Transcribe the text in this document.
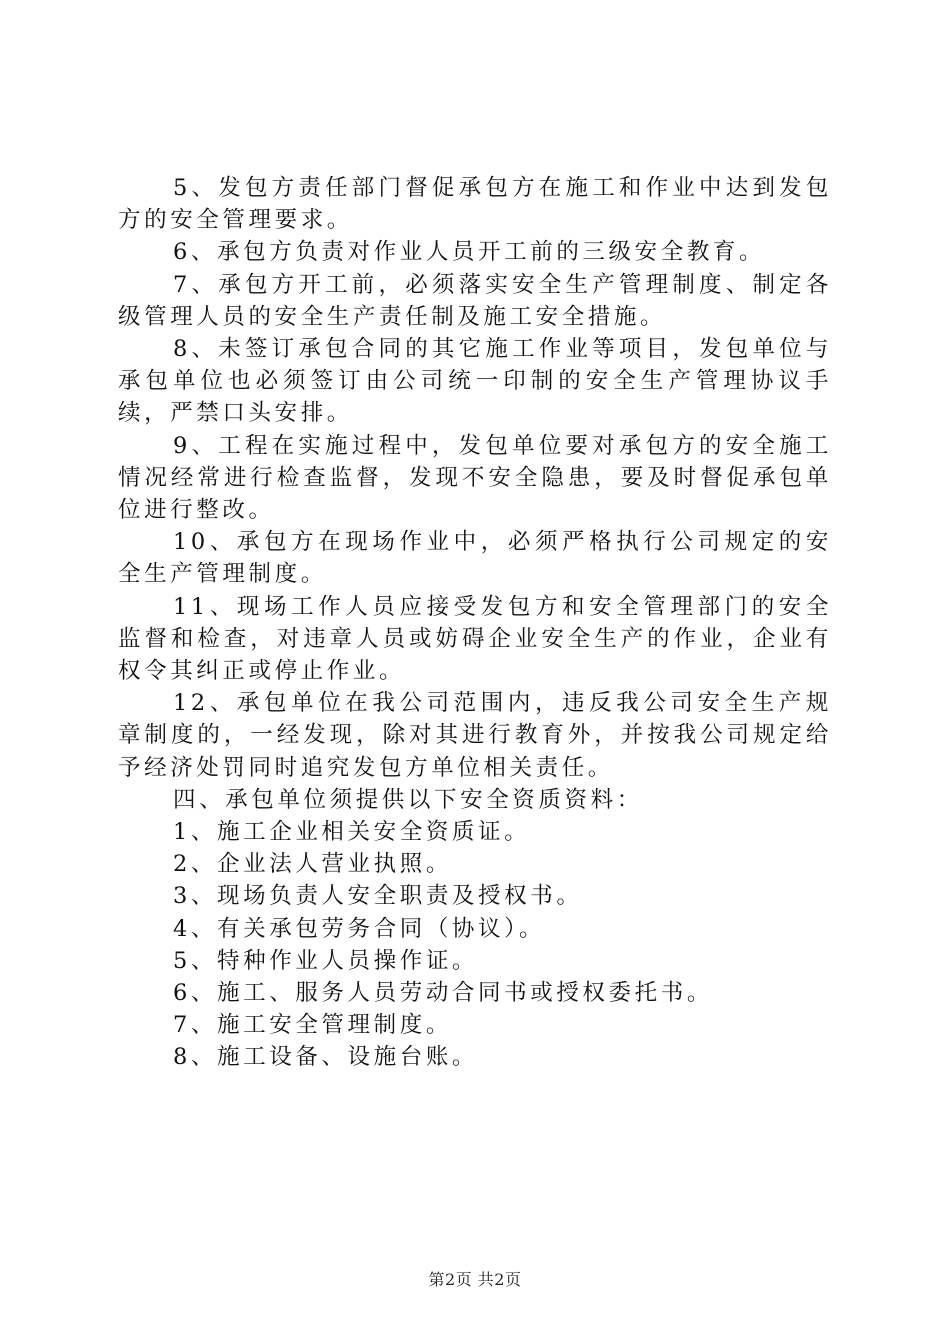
5、发包方责任部门督促承包方在施工和作业中达到发包方的安全管理要求。

6、承包方负责对作业人员开工前的三级安全教育。

7、承包方开工前，必须落实安全生产管理制度、制定各级管理人员的安全生产责任制及施工安全措施。

8、未签订承包合同的其它施工作业等项目，发包单位与承包单位也必须签订由公司统一印制的安全生产管理协议手续，严禁口头安排。

9、工程在实施过程中，发包单位要对承包方的安全施工情况经常进行检查监督，发现不安全隐患，要及时督促承包单位进行整改。

10、承包方在现场作业中，必须严格执行公司规定的安全生产管理制度。

11、现场工作人员应接受发包方和安全管理部门的安全监督和检查，对违章人员或妨碍企业安全生产的作业，企业有权令其纠正或停止作业。

12、承包单位在我公司范围内，违反我公司安全生产规章制度的，一经发现，除对其进行教育外，并按我公司规定给予经济处罚同时追究发包方单位相关责任。

四、承包单位须提供以下安全资质资料：

1、施工企业相关安全资质证。

2、企业法人营业执照。

3、现场负责人安全职责及授权书。

4、有关承包劳务合同（协议）。

5、特种作业人员操作证。

6、施工、服务人员劳动合同书或授权委托书。

7、施工安全管理制度。

8、施工设备、设施台账。

第2页 共2页
